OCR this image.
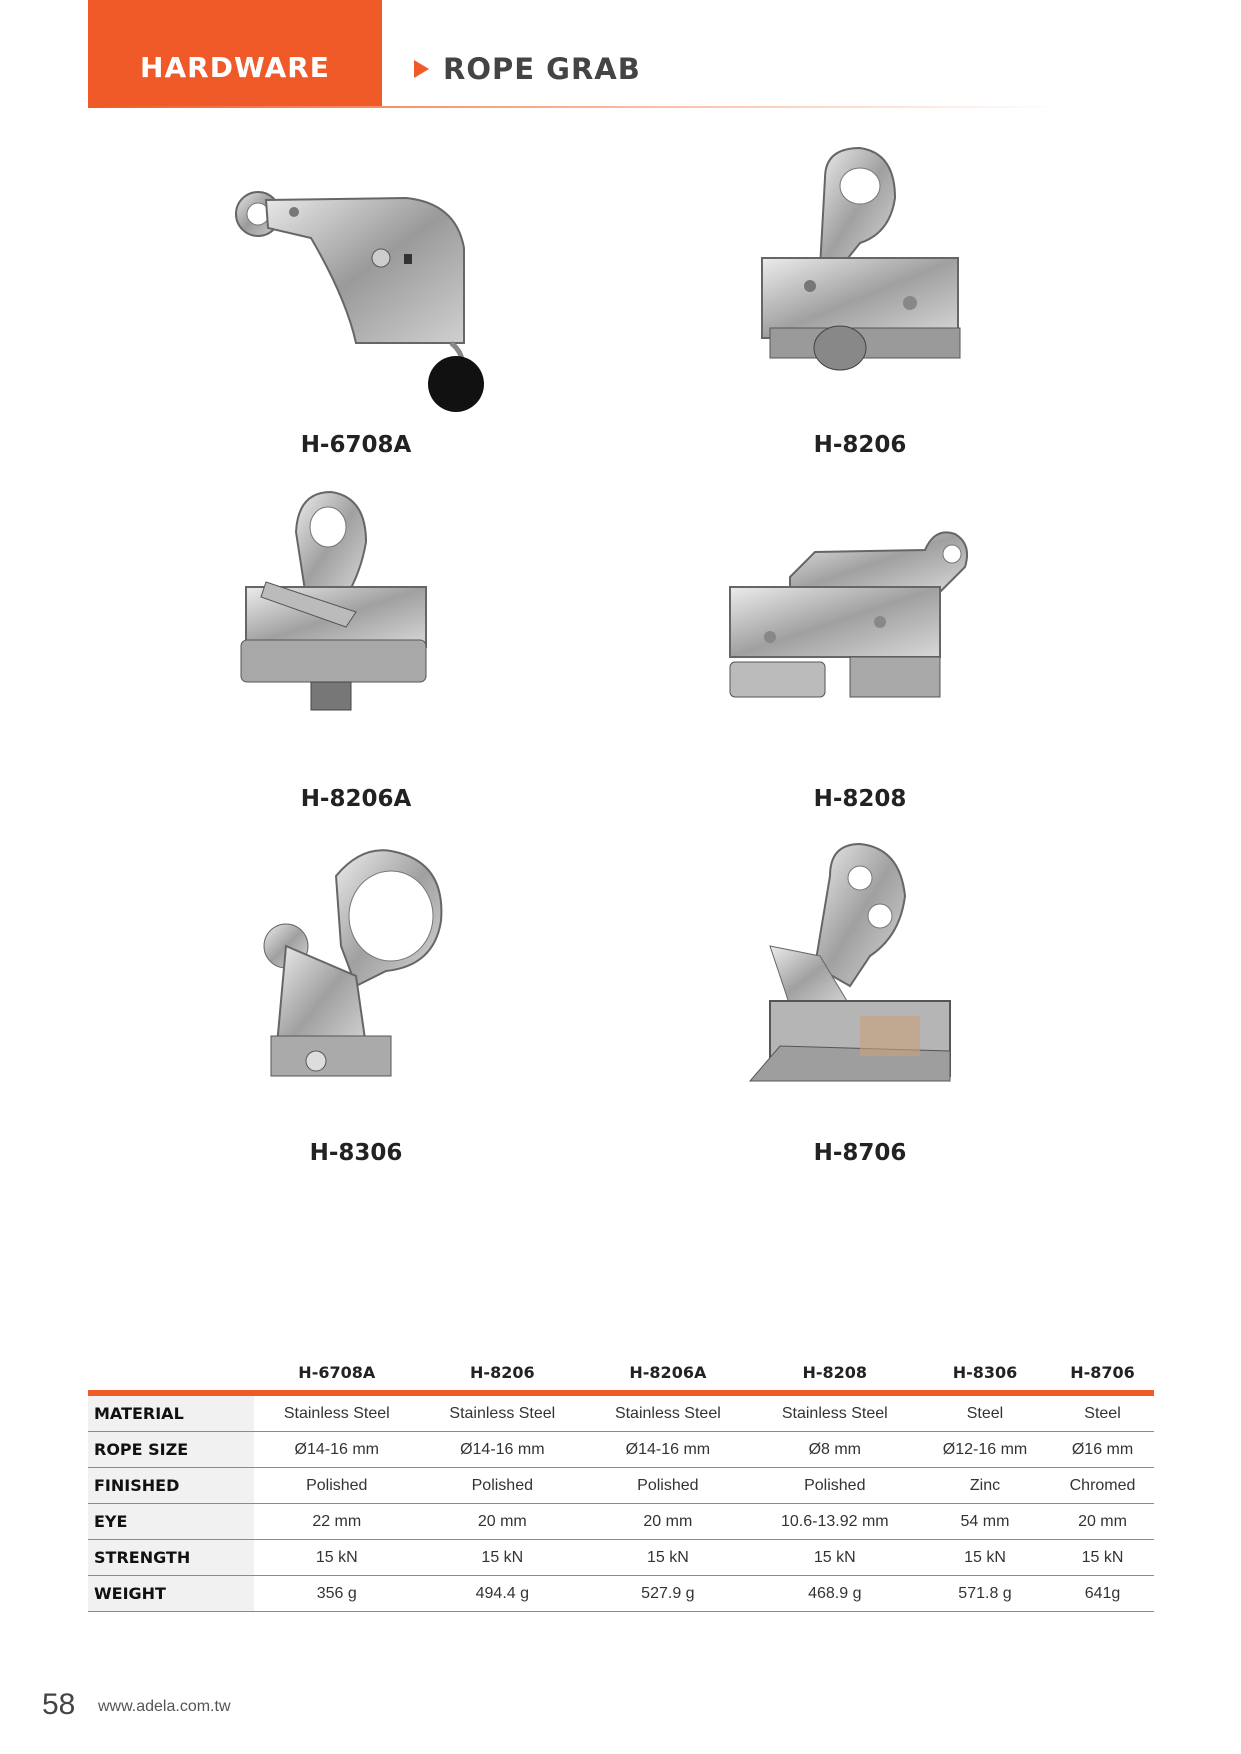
HARDWARE	ROPE GRAB
H-6708A	H-8206
H-8206A	H-8208
H-8306	H-8706
	H-6708A	H-8206	H-8206A	H-8208	H-8306	H-8706
MATERIAL	Stainless Steel	Stainless Steel	Stainless Steel	Stainless Steel	Steel	Steel
ROPE SIZE	Ø14-16 mm	Ø14-16 mm	Ø14-16 mm	Ø8 mm	Ø12-16 mm	Ø16 mm
FINISHED	Polished	Polished	Polished	Polished	Zinc	Chromed
EYE	22 mm	20 mm	20 mm	10.6-13.92 mm	54 mm	20 mm
STRENGTH	15 kN	15 kN	15 kN	15 kN	15 kN	15 kN
WEIGHT	356 g	494.4 g	527.9 g	468.9 g	571.8 g	641g
58 www.adela.com.tw
